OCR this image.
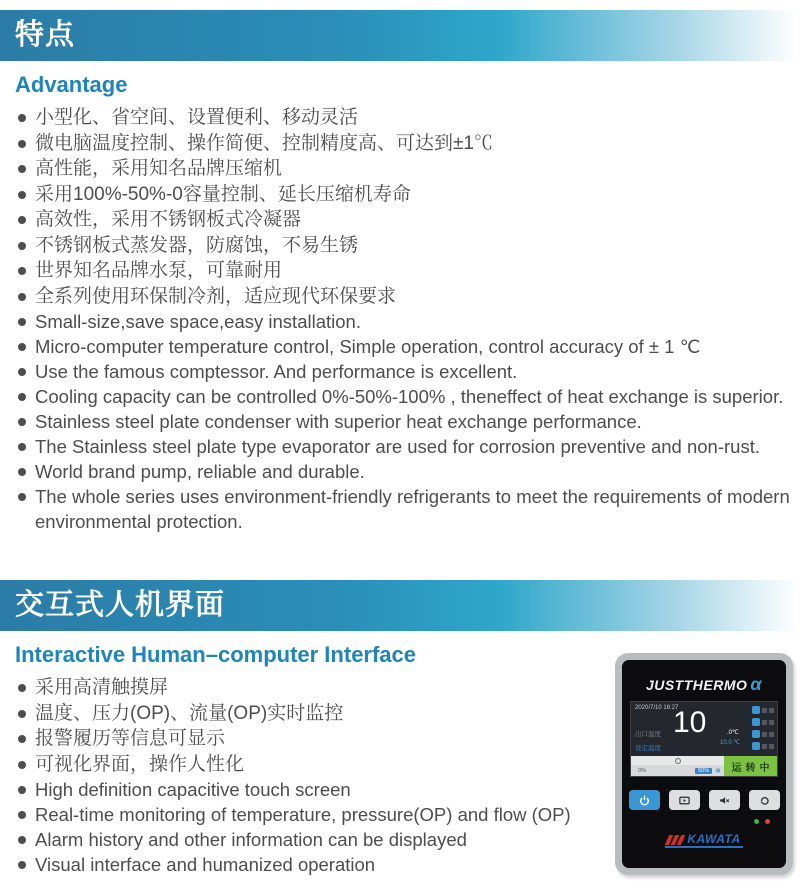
特点
Advantage
小型化、省空间、设置便利、移动灵活
微电脑温度控制、操作简便、控制精度高、可达到±1℃
高性能，采用知名品牌压缩机
采用100%-50%-0容量控制、延长压缩机寿命
高效性，采用不锈钢板式冷凝器
不锈钢板式蒸发器，防腐蚀，不易生锈
世界知名品牌水泵，可靠耐用
全系列使用环保制冷剂，适应现代环保要求
Small-size,save space,easy installation.
Micro-computer temperature control, Simple operation, control accuracy of ± 1 ℃
Use the famous comptessor. And performance is excellent.
Cooling capacity can be controlled 0%-50%-100% , theneffect of heat exchange is superior.
Stainless steel plate condenser with superior heat exchange performance.
The Stainless steel plate type evaporator are used for corrosion preventive and non-rust.
World brand pump, reliable and durable.
The whole series uses environment-friendly refrigerants to meet the requirements of modern environmental protection.
交互式人机界面
Interactive Human–computer Interface
采用高清触摸屏
温度、压力(OP)、流量(OP)实时监控
报警履历等信息可显示
可视化界面，操作人性化
High definition capacitive touch screen
Real-time monitoring of temperature, pressure(OP) and flow (OP)
Alarm history and other information can be displayed
Visual interface and humanized operation
JUSTTHERMO α
2020/7/10 16:27
出口温度
设定温度
10	.0℃
10.0 ℃
0%	50% ❄	运转中
KAWATA
